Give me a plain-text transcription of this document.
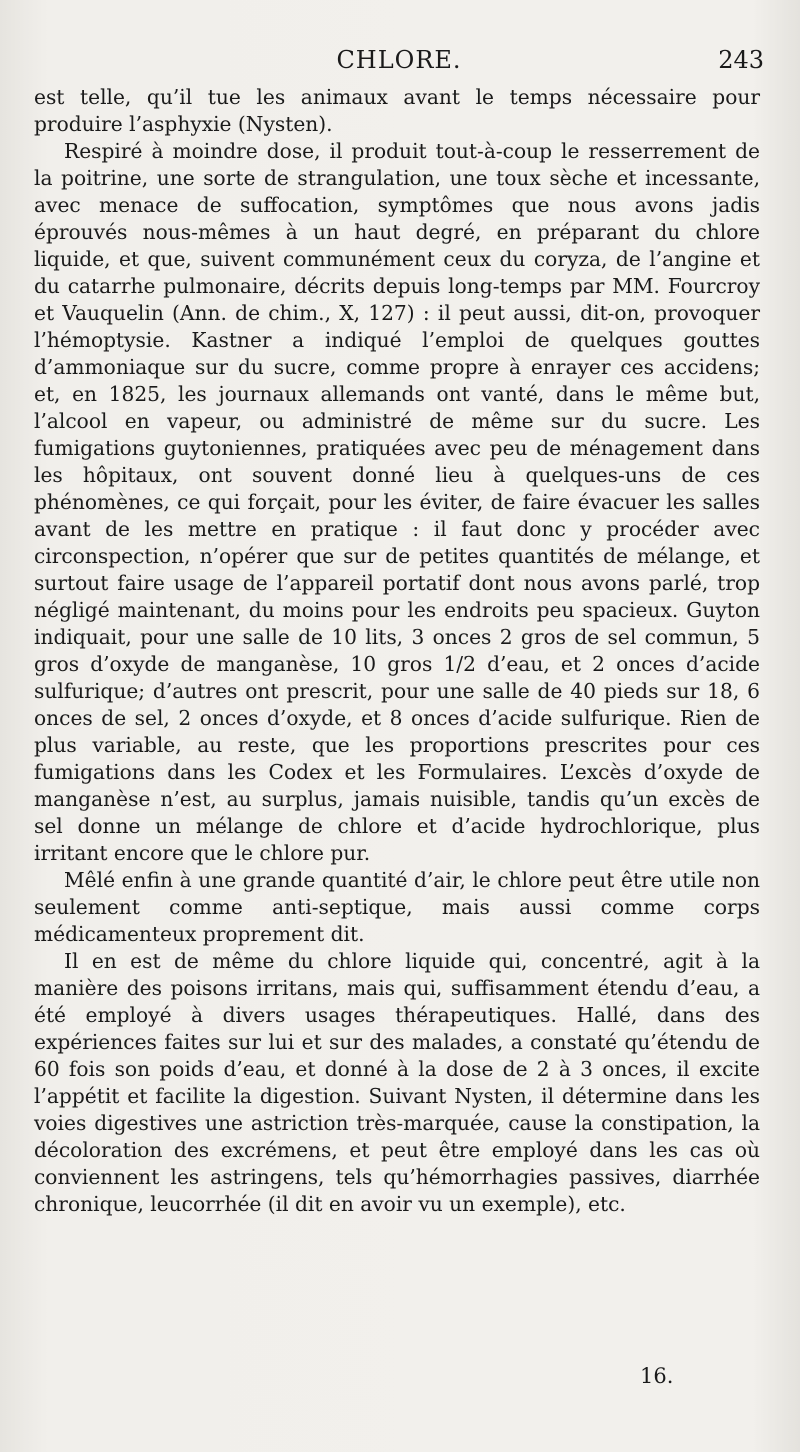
CHLORE.	243

est telle, qu’il tue les animaux avant le temps nécessaire pour produire l’asphyxie (Nysten).

Respiré à moindre dose, il produit tout-à-coup le resserrement de la poitrine, une sorte de strangulation, une toux sèche et incessante, avec menace de suffocation, symptômes que nous avons jadis éprouvés nous-mêmes à un haut degré, en préparant du chlore liquide, et que, suivent communément ceux du coryza, de l’angine et du catarrhe pulmonaire, décrits depuis long-temps par MM. Fourcroy et Vauquelin (Ann. de chim., X, 127) : il peut aussi, dit-on, provoquer l’hémoptysie. Kastner a indiqué l’emploi de quelques gouttes d’ammoniaque sur du sucre, comme propre à enrayer ces accidens; et, en 1825, les journaux allemands ont vanté, dans le même but, l’alcool en vapeur, ou administré de même sur du sucre. Les fumigations guytoniennes, pratiquées avec peu de ménagement dans les hôpitaux, ont souvent donné lieu à quelques-uns de ces phénomènes, ce qui forçait, pour les éviter, de faire évacuer les salles avant de les mettre en pratique : il faut donc y procéder avec circonspection, n’opérer que sur de petites quantités de mélange, et surtout faire usage de l’appareil portatif dont nous avons parlé, trop négligé maintenant, du moins pour les endroits peu spacieux. Guyton indiquait, pour une salle de 10 lits, 3 onces 2 gros de sel commun, 5 gros d’oxyde de manganèse, 10 gros 1/2 d’eau, et 2 onces d’acide sulfurique; d’autres ont prescrit, pour une salle de 40 pieds sur 18, 6 onces de sel, 2 onces d’oxyde, et 8 onces d’acide sulfurique. Rien de plus variable, au reste, que les proportions prescrites pour ces fumigations dans les Codex et les Formulaires. L’excès d’oxyde de manganèse n’est, au surplus, jamais nuisible, tandis qu’un excès de sel donne un mélange de chlore et d’acide hydrochlorique, plus irritant encore que le chlore pur.

Mêlé enfin à une grande quantité d’air, le chlore peut être utile non seulement comme anti-septique, mais aussi comme corps médicamenteux proprement dit.

Il en est de même du chlore liquide qui, concentré, agit à la manière des poisons irritans, mais qui, suffisamment étendu d’eau, a été employé à divers usages thérapeutiques. Hallé, dans des expériences faites sur lui et sur des malades, a constaté qu’étendu de 60 fois son poids d’eau, et donné à la dose de 2 à 3 onces, il excite l’appétit et facilite la digestion. Suivant Nysten, il détermine dans les voies digestives une astriction très-marquée, cause la constipation, la décoloration des excrémens, et peut être employé dans les cas où conviennent les astringens, tels qu’hémorrhagies passives, diarrhée chronique, leucorrhée (il dit en avoir vu un exemple), etc.

16.
